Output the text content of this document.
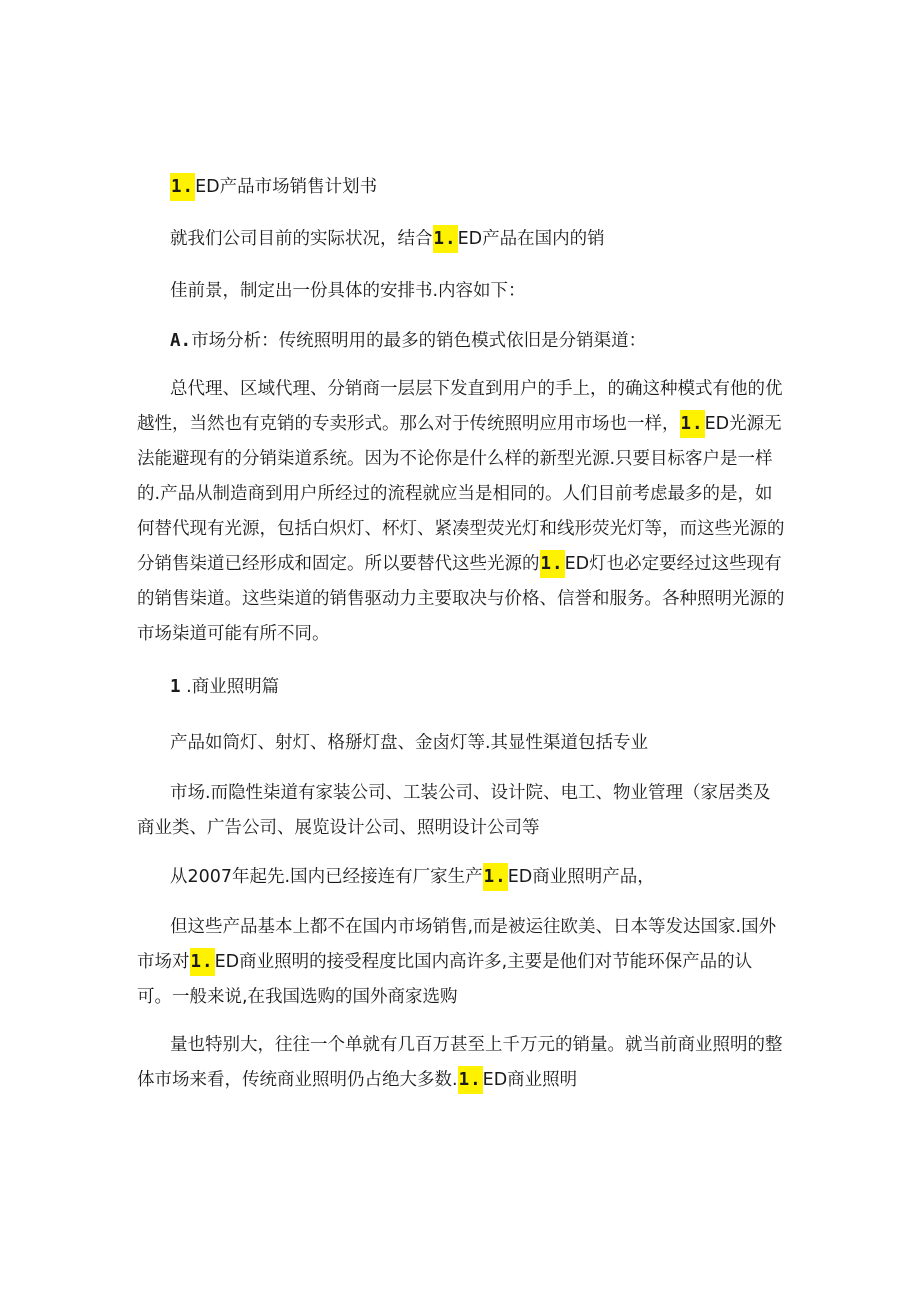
1.ED产品市场销售计划书
就我们公司目前的实际状况，结合1.ED产品在国内的销
佳前景，制定出一份具体的安排书.内容如下：
A.市场分析：传统照明用的最多的销色模式依旧是分销渠道：
总代理、区域代理、分销商一层层下发直到用户的手上，的确这种模式有他的优越性，当然也有克销的专卖形式。那么对于传统照明应用市场也一样，1.ED光源无法能避现有的分销柒道系统。因为不论你是什么样的新型光源.只要目标客户是一样的.产品从制造商到用户所经过的流程就应当是相同的。人们目前考虑最多的是，如何替代现有光源，包括白炽灯、杯灯、紧凑型荧光灯和线形荧光灯等，而这些光源的分销售柒道已经形成和固定。所以要替代这些光源的1.ED灯也必定要经过这些现有的销售柒道。这些柒道的销售驱动力主要取决与价格、信誉和服务。各种照明光源的市场柒道可能有所不同。
1 .商业照明篇
产品如筒灯、射灯、格掰灯盘、金卤灯等.其显性渠道包括专业
市场.而隐性柒道有家装公司、工装公司、设计院、电工、物业管理（家居类及商业类、广告公司、展览设计公司、照明设计公司等
从2007年起先.国内已经接连有厂家生产1.ED商业照明产品，
但这些产品基本上都不在国内市场销售,而是被运往欧美、日本等发达国家.国外市场对1.ED商业照明的接受程度比国内高许多,主要是他们对节能环保产品的认可。一般来说,在我国选购的国外商家选购
量也特别大，往往一个单就有几百万甚至上千万元的销量。就当前商业照明的整体市场来看，传统商业照明仍占绝大多数.1.ED商业照明
